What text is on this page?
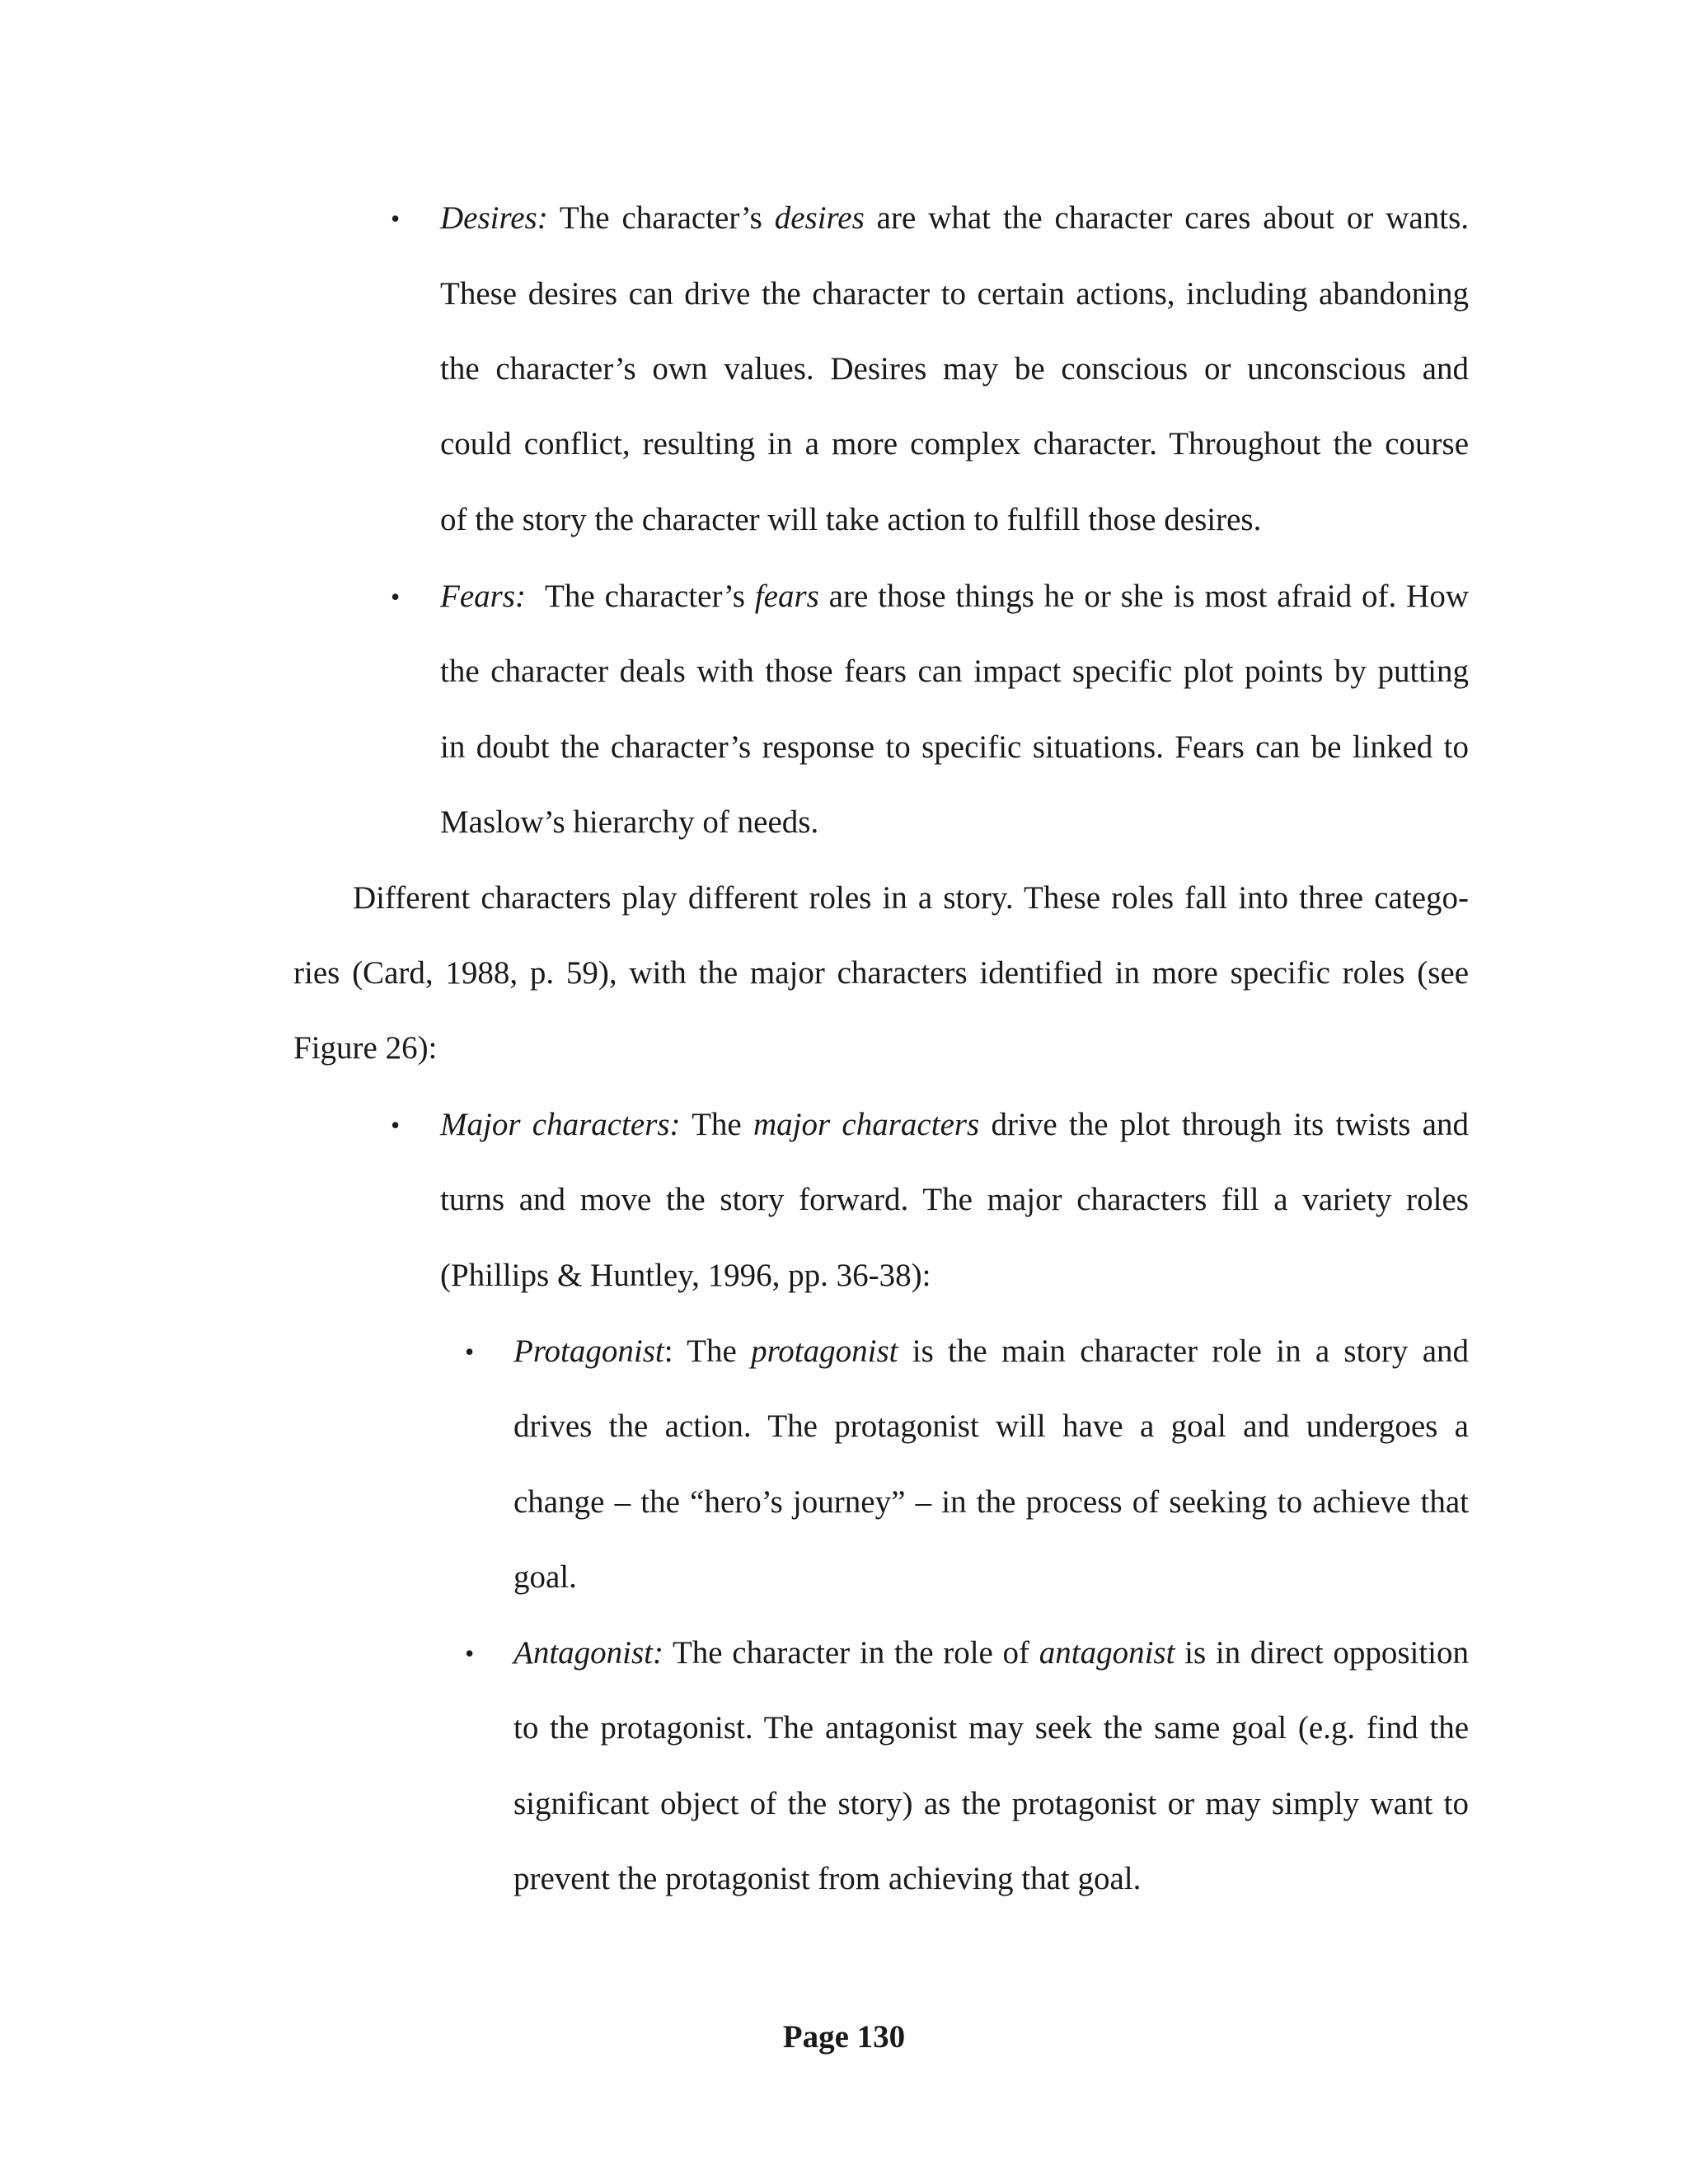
• Desires: The character’s desires are what the character cares about or wants.
These desires can drive the character to certain actions, including abandoning
the character’s own values. Desires may be conscious or unconscious and
could conflict, resulting in a more complex character. Throughout the course
of the story the character will take action to fulfill those desires.
• Fears:  The character’s fears are those things he or she is most afraid of. How
the character deals with those fears can impact specific plot points by putting
in doubt the character’s response to specific situations. Fears can be linked to
Maslow’s hierarchy of needs.
Different characters play different roles in a story. These roles fall into three catego-
ries (Card, 1988, p. 59), with the major characters identified in more specific roles (see
Figure 26):
• Major characters: The major characters drive the plot through its twists and
turns and move the story forward. The major characters fill a variety roles
(Phillips & Huntley, 1996, pp. 36-38):
• Protagonist: The protagonist is the main character role in a story and
drives the action. The protagonist will have a goal and undergoes a
change – the “hero’s journey” – in the process of seeking to achieve that
goal.
• Antagonist: The character in the role of antagonist is in direct opposition
to the protagonist. The antagonist may seek the same goal (e.g. find the
significant object of the story) as the protagonist or may simply want to
prevent the protagonist from achieving that goal.
Page 130
